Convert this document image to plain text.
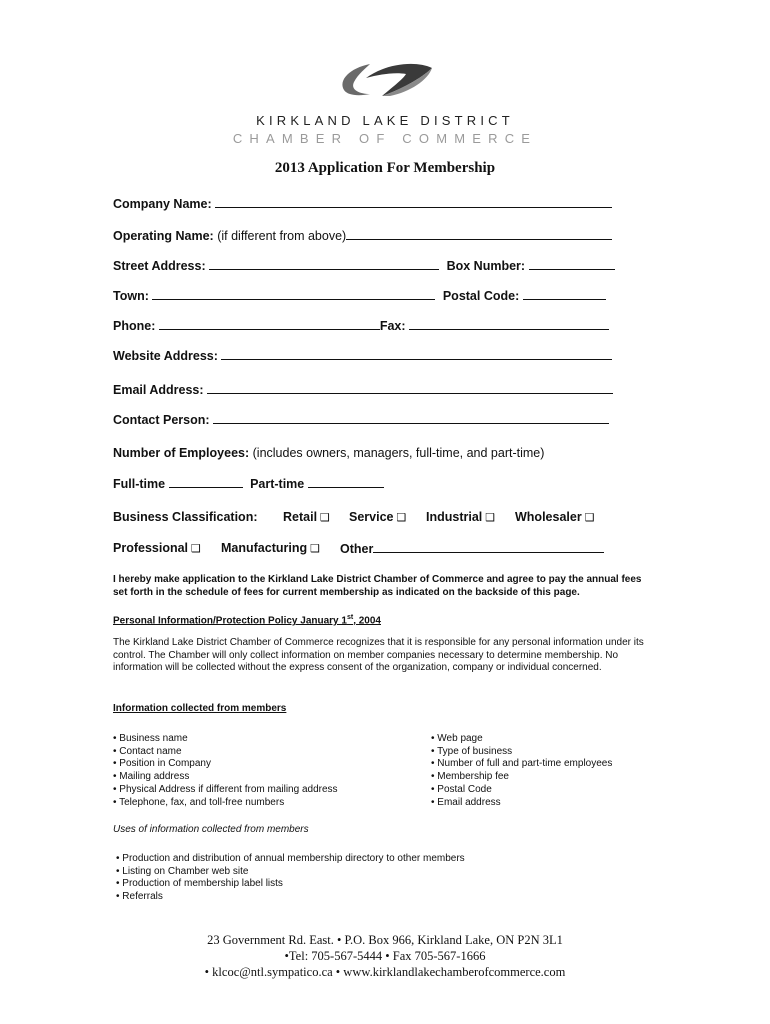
KIRKLAND LAKE DISTRICT
CHAMBER OF COMMERCE
2013 Application For Membership
Company Name:
Operating Name: (if different from above)
Street Address:	Box Number:
Town:	Postal Code:
Phone:	Fax:
Website Address:
Email Address:
Contact Person:
Number of Employees: (includes owners, managers, full-time, and part-time)
Full-time	Part-time
Business Classification: Retail ❑ Service ❑ Industrial ❑ Wholesaler ❑
Professional ❑ Manufacturing ❑ Other
I hereby make application to the Kirkland Lake District Chamber of Commerce and agree to pay the annual fees set forth in the schedule of fees for current membership as indicated on the backside of this page.
Personal Information/Protection Policy January 1st, 2004
The Kirkland Lake District Chamber of Commerce recognizes that it is responsible for any personal information under its control. The Chamber will only collect information on member companies necessary to determine membership. No information will be collected without the express consent of the organization, company or individual concerned.
Information collected from members
• Business name
• Contact name
• Position in Company
• Mailing address
• Physical Address if different from mailing address
• Telephone, fax, and toll-free numbers
• Web page
• Type of business
• Number of full and part-time employees
• Membership fee
• Postal Code
• Email address
Uses of information collected from members
• Production and distribution of annual membership directory to other members
• Listing on Chamber web site
• Production of membership label lists
• Referrals
23 Government Rd. East. • P.O. Box 966, Kirkland Lake, ON P2N 3L1
•Tel: 705-567-5444 • Fax 705-567-1666
• klcoc@ntl.sympatico.ca • www.kirklandlakechamberofcommerce.com
